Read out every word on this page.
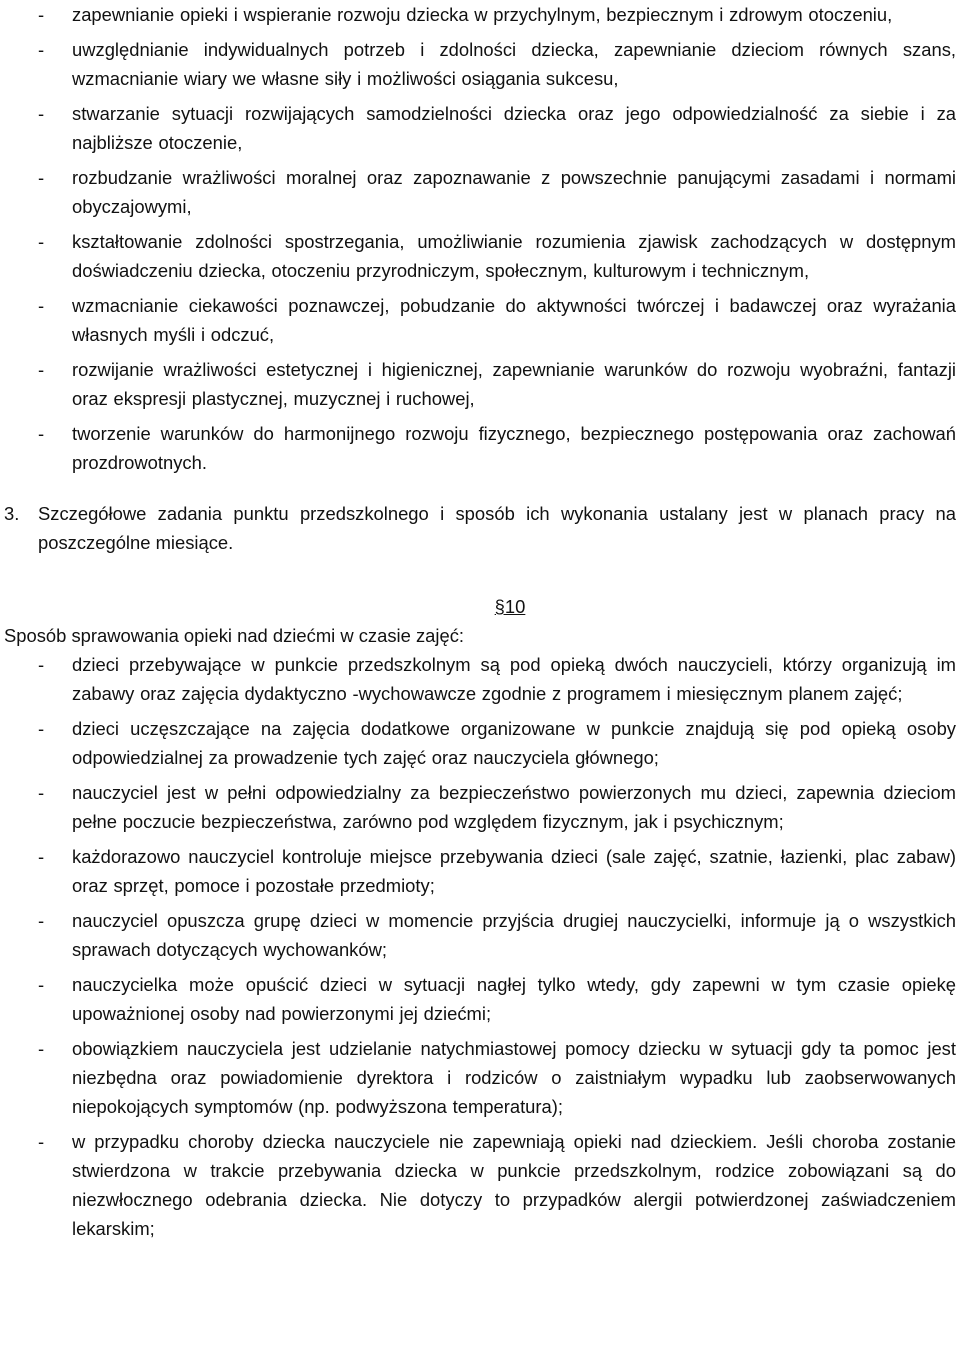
- zapewnianie opieki i wspieranie rozwoju dziecka w przychylnym, bezpiecznym i zdrowym otoczeniu,
- uwzględnianie indywidualnych potrzeb i zdolności dziecka, zapewnianie dzieciom równych szans, wzmacnianie wiary we własne siły i możliwości osiągania sukcesu,
- stwarzanie sytuacji rozwijających samodzielności dziecka oraz jego odpowiedzialność za siebie i za najbliższe otoczenie,
- rozbudzanie wrażliwości moralnej oraz zapoznawanie z powszechnie panującymi zasadami i normami obyczajowymi,
- kształtowanie zdolności spostrzegania, umożliwianie rozumienia zjawisk zachodzących w dostępnym doświadczeniu dziecka, otoczeniu przyrodniczym, społecznym, kulturowym i technicznym,
- wzmacnianie ciekawości poznawczej, pobudzanie do aktywności twórczej i badawczej oraz wyrażania własnych myśli i odczuć,
- rozwijanie wrażliwości estetycznej i higienicznej, zapewnianie warunków do rozwoju wyobraźni, fantazji oraz ekspresji plastycznej, muzycznej i ruchowej,
- tworzenie warunków do harmonijnego rozwoju fizycznego, bezpiecznego postępowania oraz zachowań prozdrowotnych.
3. Szczegółowe zadania punktu przedszkolnego i sposób ich wykonania ustalany jest w planach pracy na poszczególne miesiące.
§10
Sposób sprawowania opieki nad dziećmi w czasie zajęć:
- dzieci przebywające w punkcie przedszkolnym są pod opieką dwóch nauczycieli, którzy organizują im zabawy oraz zajęcia dydaktyczno -wychowawcze zgodnie z programem i miesięcznym planem zajęć;
- dzieci uczęszczające na zajęcia dodatkowe organizowane w punkcie znajdują się pod opieką osoby odpowiedzialnej za prowadzenie tych zajęć oraz nauczyciela głównego;
- nauczyciel jest w pełni odpowiedzialny za bezpieczeństwo powierzonych mu dzieci, zapewnia dzieciom pełne poczucie bezpieczeństwa, zarówno pod względem fizycznym, jak i psychicznym;
- każdorazowo nauczyciel kontroluje miejsce przebywania dzieci (sale zajęć, szatnie, łazienki, plac zabaw) oraz sprzęt, pomoce i pozostałe przedmioty;
- nauczyciel opuszcza grupę dzieci w momencie przyjścia drugiej nauczycielki, informuje ją o wszystkich sprawach dotyczących wychowanków;
- nauczycielka może opuścić dzieci w sytuacji nagłej tylko wtedy, gdy zapewni w tym czasie opiekę upoważnionej osoby nad powierzonymi jej dziećmi;
- obowiązkiem nauczyciela jest udzielanie natychmiastowej pomocy dziecku w sytuacji gdy ta pomoc jest niezbędna oraz powiadomienie dyrektora i rodziców o zaistniałym wypadku lub zaobserwowanych niepokojących symptomów (np. podwyższona temperatura);
- w przypadku choroby dziecka nauczyciele nie zapewniają opieki nad dzieckiem. Jeśli choroba zostanie stwierdzona w trakcie przebywania dziecka w punkcie przedszkolnym, rodzice zobowiązani są do niezwłocznego odebrania dziecka. Nie dotyczy to przypadków alergii potwierdzonej zaświadczeniem lekarskim;
